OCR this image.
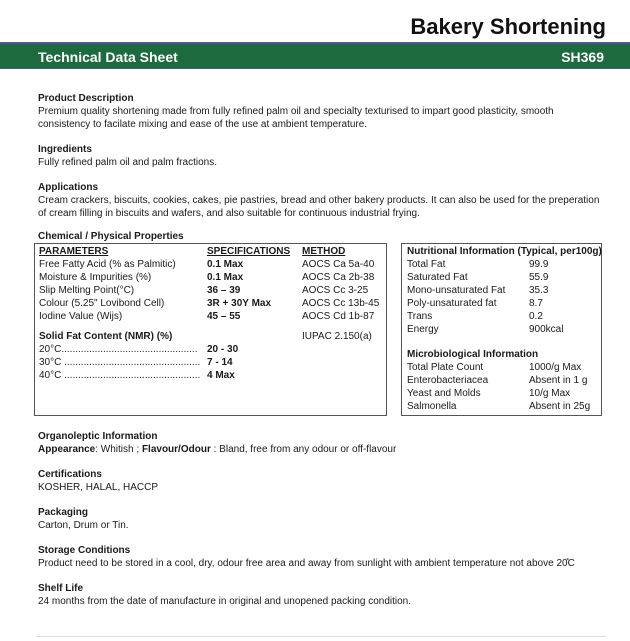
Bakery Shortening
Technical Data Sheet	SH369

Product Description

Premium quality shortening made from fully refined palm oil and specialty texturised to impart good plasticity, smooth consistency to facilate mixing and ease of the use at ambient temperature.

Ingredients

Fully refined palm oil and palm fractions.

Applications

Cream crackers, biscuits, cookies, cakes, pie pastries, bread and other bakery products. It can also be used for the preperation of cream filling in biscuits and wafers, and also suitable for continuous industrial frying.

Chemical / Physical Properties

PARAMETERS	SPECIFICATIONS METHOD
Free Fatty Acid (% as Palmitic)	0.1 Max	AOCS Ca 5a-40
Moisture & Impurities (%)	0.1 Max	AOCS Ca 2b-38
Slip Melting Point(°C)	36 – 39	AOCS Cc 3-25
Colour (5.25" Lovibond Cell)	3R + 30Y Max	AOCS Cc 13b-45
Iodine Value (Wijs)	45 – 55	AOCS Cd 1b-87
Solid Fat Content (NMR) (%)	IUPAC 2.150(a)
20°C................................................. 20 - 30
30°C ................................................. 7 - 14
40°C ................................................. 4 Max
Nutritional Information (Typical, per100g)
Total Fat	99.9
Saturated Fat	55.9
Mono-unsaturated Fat 35.3
Poly-unsaturated fat	8.7
Trans	0.2
Energy	900kcal
Microbiological Information
Total Plate Count	1000/g Max
Enterobacteriacea	Absent in 1 g
Yeast and Molds	10/g Max
Salmonella	Absent in 25g

Organoleptic Information

Appearance: Whitish ; Flavour/Odour : Bland, free from any odour or off-flavour

Certifications

KOSHER, HALAL, HACCP

Packaging

Carton, Drum or Tin.

Storage Conditions

Product need to be stored in a cool, dry, odour free area and away from sunlight with ambient temperature not above 20̊C

Shelf Life

24 months from the date of manufacture in original and unopened packing condition.
